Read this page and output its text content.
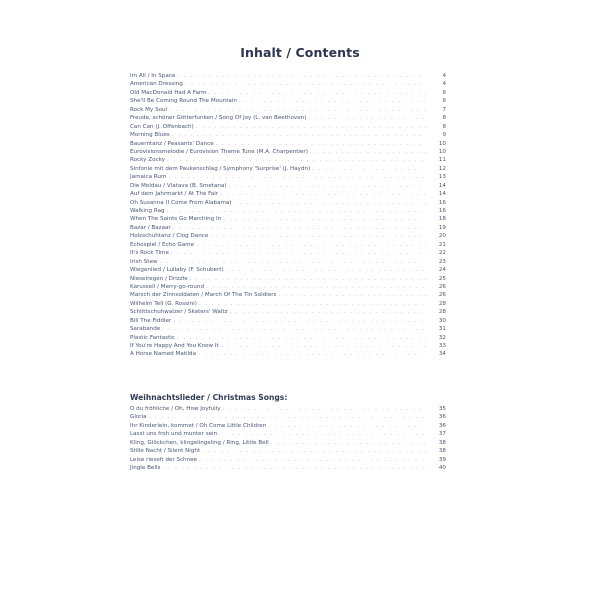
Inhalt / Contents
Im All / In Space . . .	4
American Dressing . . .	4
Old MacDonald Had A Farm . . .	6
She'll Be Coming Round The Mountain . . .	6
Rock My Soul . . .	7
Freude, schöner Götterfunken / Song Of Joy (L. van Beethoven) . . .	8
Can Can (J. Offenbach) . . .	8
Morning Blues . . .	9
Bauerntanz / Peasants' Dance . . .	10
Eurovisionsmelodie / Eurovision Theme Tune (M.A. Charpentier) . . .	10
Rocky Zocky . . .	11
Sinfonie mit dem Paukenschlag / Symphony 'Surprise' (J. Haydn) . . .	12
Jamaica Rum . . .	13
Die Moldau / Vlatava (B. Smetana) . . .	14
Auf dem Jahrmarkt / At The Fair . . .	14
Oh Susanna (I Come From Alabama) . . .	16
Walking Rag . . .	16
When The Saints Go Marching In . . .	18
Bazar / Bazaar . . .	19
Holzschuhtanz / Clog Dance . . .	20
Echospiel / Echo Game . . .	21
It's Rock Time . . .	22
Irish Stew . . .	23
Wiegenlied / Lullaby (F. Schubert) . . .	24
Nieselregen / Drizzle . . .	25
Karussell / Merry-go-round . . .	26
Marsch der Zinnsoldaten / March Of The Tin Soldiers . . .	26
Wilhelm Tell (G. Rossini) . . .	28
Schlittschuhwalzer / Skaters' Waltz . . .	28
Bill The Fiddler . . .	30
Sarabande . . .	31
Plastic Fantastic . . .	32
If You're Happy And You Know It . . .	33
A Horse Named Matilda . . .	34
Weihnachtslieder / Christmas Songs:
O du fröhliche / Oh, How Joyfully . . .	35
Gloria . . .	36
Ihr Kinderlein, kommet / Oh Come Little Children . . .	36
Lasst uns froh und munter sein . . .	37
Kling, Glöckchen, klingelingeling / Ring, Little Bell . . .	38
Stille Nacht / Silent Night . . .	38
Leise rieselt der Schnee . . .	39
Jingle Bells . . .	40
